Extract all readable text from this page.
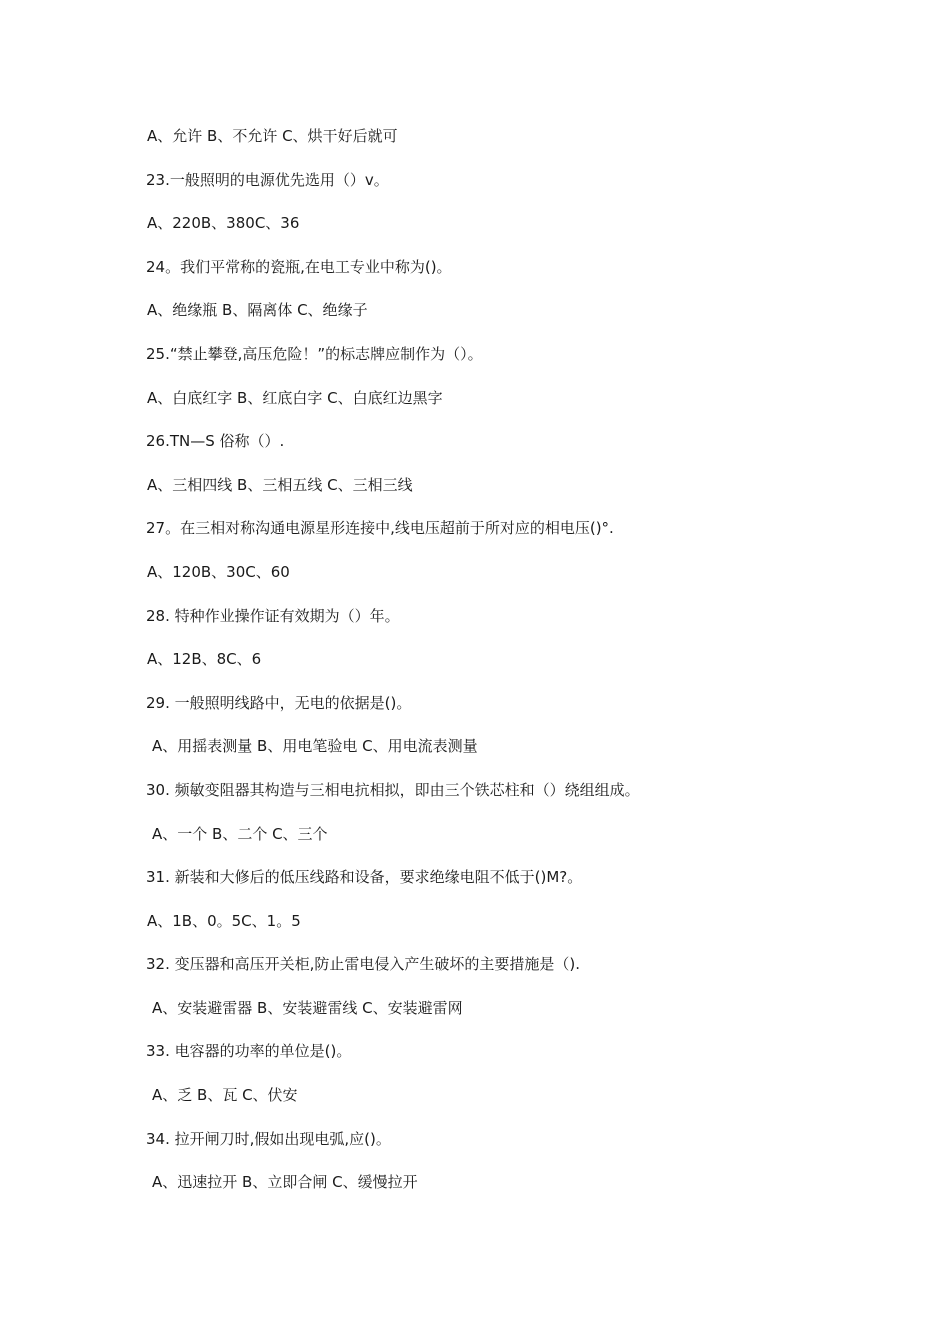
A、允许 B、不允许 C、烘干好后就可
23.一般照明的电源优先选用（）v。
A、220B、380C、36
24。我们平常称的瓷瓶,在电工专业中称为()。
A、绝缘瓶 B、隔离体 C、绝缘子
25.“禁止攀登,高压危险！”的标志牌应制作为（）。
A、白底红字 B、红底白字 C、白底红边黑字
26.TN—S 俗称（）.
A、三相四线 B、三相五线 C、三相三线
27。在三相对称沟通电源星形连接中,线电压超前于所对应的相电压()°.
A、120B、30C、60
28. 特种作业操作证有效期为（）年。
A、12B、8C、6
29. 一般照明线路中，无电的依据是()。
A、用摇表测量 B、用电笔验电 C、用电流表测量
30. 频敏变阻器其构造与三相电抗相拟，即由三个铁芯柱和（）绕组组成。
A、一个 B、二个 C、三个
31. 新装和大修后的低压线路和设备，要求绝缘电阻不低于()M?。
A、1B、0。5C、1。5
32. 变压器和高压开关柜,防止雷电侵入产生破坏的主要措施是（).
A、安装避雷器 B、安装避雷线 C、安装避雷网
33. 电容器的功率的单位是()。
A、乏 B、瓦 C、伏安
34. 拉开闸刀时,假如出现电弧,应()。
A、迅速拉开 B、立即合闸 C、缓慢拉开
